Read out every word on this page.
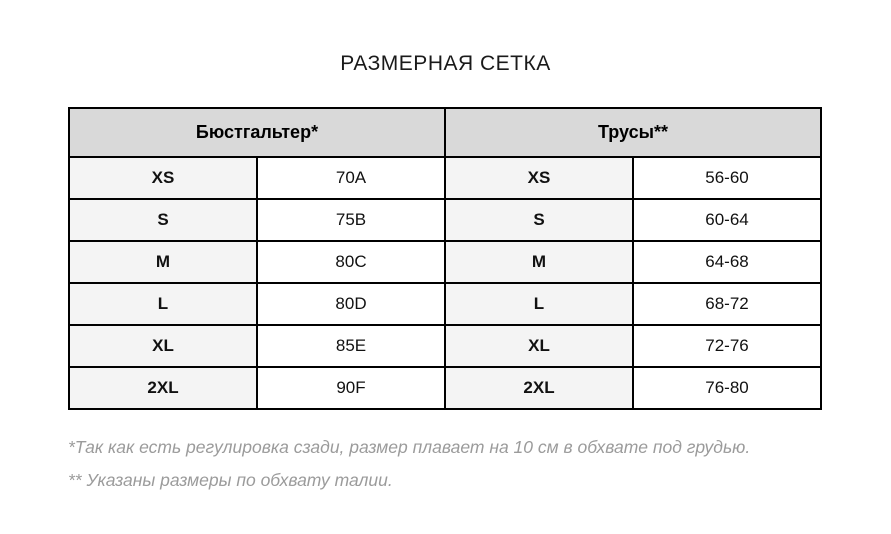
РАЗМЕРНАЯ СЕТКА
Бюстгальтер*		Трусы**	
XS	70A	XS	56-60
S	75B	S	60-64
M	80C	M	64-68
L	80D	L	68-72
XL	85E	XL	72-76
2XL	90F	2XL	76-80
*Так как есть регулировка сзади, размер плавает на 10 см в обхвате под грудью.
** Указаны размеры по обхвату талии.
